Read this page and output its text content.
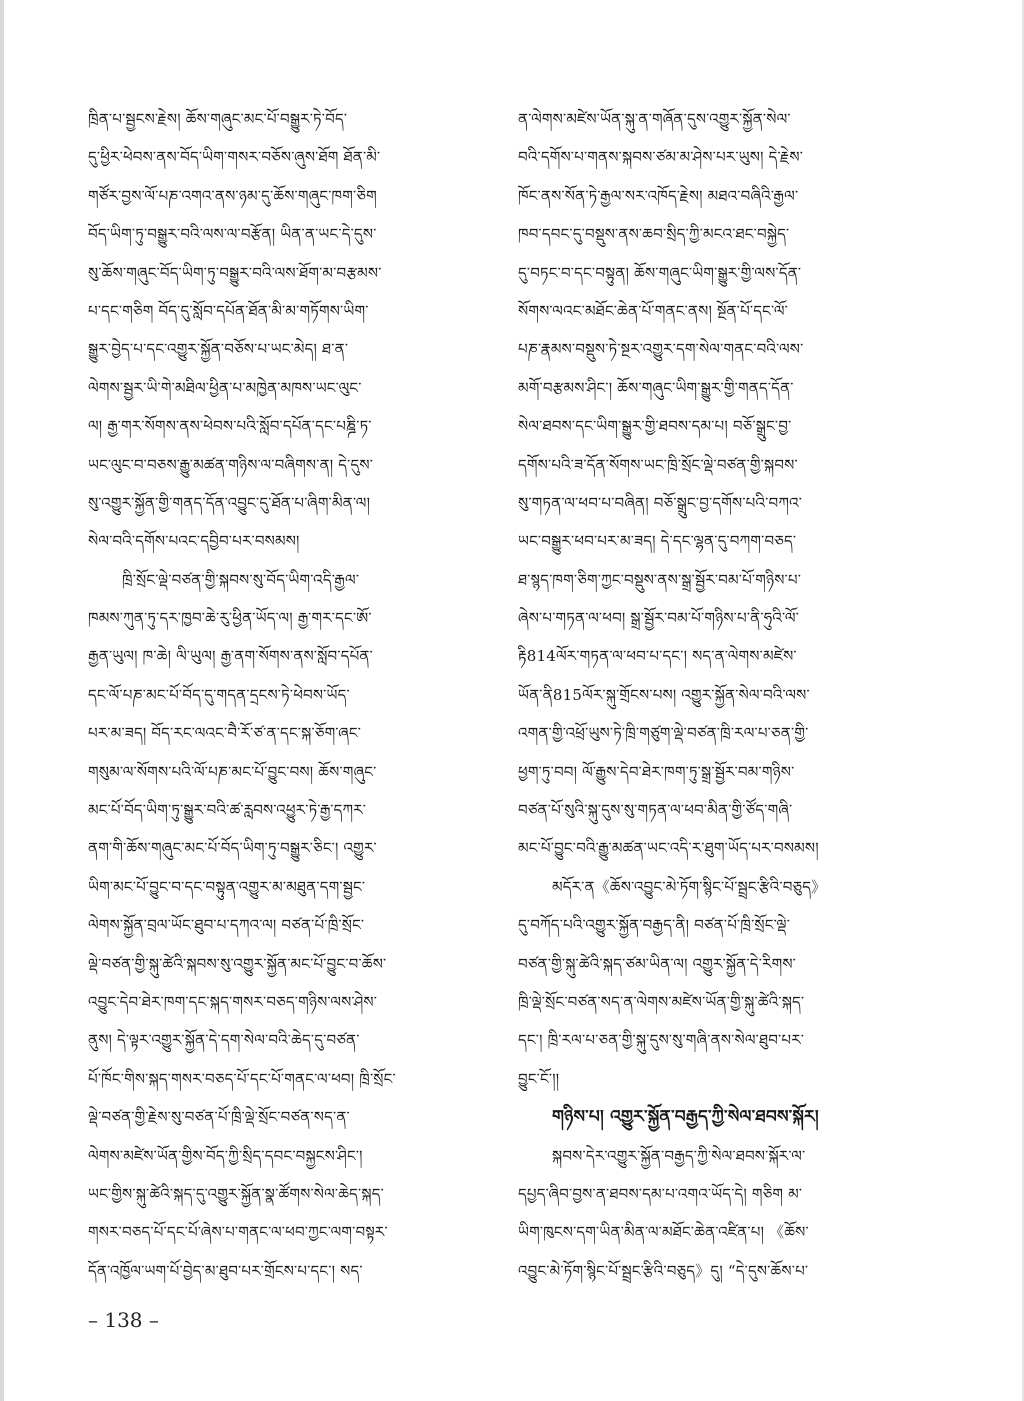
ཁྲིན་པ་སྦྱངས་རྗེས། ཆོས་གཞུང་མང་པོ་བསྒྱུར་ཏེ་བོད་
དུ་ཕྱིར་ཕེབས་ནས་བོད་ཡིག་གསར་བཅོས་ཞུས་ཐོག ཐོན་མི་
གཙོར་བྱས་ལོ་པཎ་འགའ་ནས་ཉམ་དུ་ཆོས་གཞུང་ཁག་ཅིག
བོད་ཡིག་ཏུ་བསྒྱུར་བའི་ལས་ལ་བརྩོན། ཡིན་ན་ཡང་དེ་དུས་
སུ་ཆོས་གཞུང་བོད་ཡིག་ཏུ་བསྒྱུར་བའི་ལས་ཐོག་མ་བརྩམས་
པ་དང་གཅིག བོད་དུ་སློབ་དཔོན་ཐོན་མི་མ་གཏོགས་ཡིག་
སྒྱུར་བྱེད་པ་དང་འགྱུར་སྐྱོན་བཅོས་པ་ཡང་མེད། ཐ་ན་
ལེགས་སྦྱར་ཡི་གེ་མཐིལ་ཕྱིན་པ་མཁྱེན་མཁས་ཡང་ལུང་
ལ། རྒྱ་གར་སོགས་ནས་ཕེབས་པའི་སློབ་དཔོན་དང་པཎྜི་ཏ་
ཡང་ལུང་བ་བཅས་རྒྱུ་མཚན་གཉིས་ལ་བཞིགས་ན། དེ་དུས་
སུ་འགྱུར་སྐྱོན་གྱི་གནད་དོན་འབྱུང་དུ་ཐོན་པ་ཞིག་མིན་ལ།
སེལ་བའི་དགོས་པའང་དབྱིབ་པར་བསམས།
ཁྲི་སྲོང་ལྡེ་བཙན་གྱི་སྐབས་སུ་བོད་ཡིག་འདི་རྒྱལ་
ཁམས་ཀུན་ཏུ་དར་ཁྱབ་ཆེ་རུ་ཕྱིན་ཡོད་ལ། རྒྱ་གར་དང་ཨོ་
རྒྱན་ཡུལ། ཁ་ཆེ། ལི་ཡུལ། རྒྱ་ནག་སོགས་ནས་སློབ་དཔོན་
དང་ལོ་པཎ་མང་པོ་བོད་དུ་གདན་དྲངས་ཏེ་ཕེབས་ཡོད་
པར་མ་ཟད། བོད་རང་ལའང་བཻ་རོ་ཙ་ན་དང་སྐ་ཅོག་ཞང་
གསུམ་ལ་སོགས་པའི་ལོ་པཎ་མང་པོ་བྱུང་བས། ཆོས་གཞུང་
མང་པོ་བོད་ཡིག་ཏུ་སྒྱུར་བའི་ཚ་རླབས་འཕྱུར་ཏེ་རྒྱ་དཀར་
ནག་གི་ཆོས་གཞུང་མང་པོ་བོད་ཡིག་ཏུ་བསྒྱུར་ཅིང་། འགྱུར་
ཡིག་མང་པོ་བྱུང་བ་དང་བསྟུན་འགྱུར་མ་མཐུན་དག་སྦྱང་
ལེགས་སྐྱོན་བྲལ་ཡོང་ཐུབ་པ་དཀའ་ལ། བཙན་པོ་ཁྲི་སྲོང་
ལྡེ་བཙན་གྱི་སྐུ་ཚེའི་སྐབས་སུ་འགྱུར་སྐྱོན་མང་པོ་བྱུང་བ་ཆོས་
འབྱུང་དེབ་ཐེར་ཁག་དང་སྐད་གསར་བཅད་གཉིས་ལས་ཤེས་
ནུས། དེ་ལྟར་འགྱུར་སྐྱོན་དེ་དག་སེལ་བའི་ཆེད་དུ་བཙན་
པོ་ཁོང་གིས་སྐད་གསར་བཅད་པོ་དང་པོ་གནང་ལ་ཕབ། ཁྲི་སྲོང་
ལྡེ་བཙན་གྱི་རྗེས་སུ་བཙན་པོ་ཁྲི་ལྡེ་སྲོང་བཙན་སད་ན་
ལེགས་མཛེས་ཡོན་གྱིས་བོད་ཀྱི་སྲིད་དབང་བསྐྱངས་ཤིང་།
ཡང་གྱིས་སྐུ་ཚེའི་སྐད་དུ་འགྱུར་སྐྱོན་སྣ་ཚོགས་སེལ་ཆེད་སྐད་
གསར་བཅད་པོ་དང་པོ་ཞེས་པ་གནང་ལ་ཕབ་ཀྱང་ལག་བསྟར་
དོན་འཁྱོལ་ཡག་པོ་བྱེད་མ་ཐུབ་པར་གྲོངས་པ་དང་། སད་
ན་ལེགས་མཛེས་ཡོན་སྐུ་ན་གཞོན་དུས་འགྱུར་སྐྱོན་སེལ་
བའི་དགོས་པ་གནས་སྐབས་ཙམ་མ་ཤེས་པར་ཡུས། དེ་རྗེས་
ཁོང་ནས་སོན་ཏེ་རྒྱལ་སར་འཁོད་རྗེས། མཐའ་བཞིའི་རྒྱལ་
ཁབ་དབང་དུ་བསྡུས་ནས་ཆབ་སྲིད་ཀྱི་མངའ་ཐང་བསྐྱེད་
དུ་བཏང་བ་དང་བསྟུན། ཆོས་གཞུང་ཡིག་སྒྱུར་གྱི་ལས་དོན་
སོགས་ལའང་མཐོང་ཆེན་པོ་གནང་ནས། སྔོན་པོ་དང་ལོ་
པཎ་རྣམས་བསྡུས་ཏེ་སྔར་འགྱུར་དག་སེལ་གནང་བའི་ལས་
མགོ་བརྩམས་ཤིང་། ཆོས་གཞུང་ཡིག་སྒྱུར་གྱི་གནད་དོན་
སེལ་ཐབས་དང་ཡིག་སྒྱུར་གྱི་ཐབས་དམ་པ། བཅོ་སྒྲུང་བྱ་
དགོས་པའི་ཟ་དོན་སོགས་ཡང་ཁྲི་སྲོང་ལྡེ་བཙན་གྱི་སྐབས་
སུ་གཏན་ལ་ཕབ་པ་བཞིན། བཅོ་སྒྲུང་བྱ་དགོས་པའི་བཀའ་
ཡང་བསྒྱུར་ཕབ་པར་མ་ཟད། དེ་དང་ལྷན་དུ་བཀག་བཅད་
ཐ་སྙད་ཁག་ཅིག་ཀྱང་བསྡུས་ནས་སྒྲ་སྦྱོར་བམ་པོ་གཉིས་པ་
ཞེས་པ་གཏན་ལ་ཕབ། སྒྲ་སྦྱོར་བམ་པོ་གཉིས་པ་ནི་ཧུའི་ལོ་
རྟི814ལོར་གཏན་ལ་ཕབ་པ་དང་། སད་ན་ལེགས་མཛེས་
ཡོན་ནི815ལོར་སྐུ་གྲོངས་པས། འགྱུར་སྐྱོན་སེལ་བའི་ལས་
འགན་གྱི་འཕྲོ་ཡུས་ཏེ་ཁྲི་གཙུག་ལྡེ་བཙན་ཁྲི་རལ་པ་ཅན་གྱི་
ཕྱག་ཏུ་བབ། ལོ་རྒྱུས་དེབ་ཐེར་ཁག་ཏུ་སྒྲ་སྦྱོར་བམ་གཉིས་
བཙན་པོ་སུའི་སྐུ་དུས་སུ་གཏན་ལ་ཕབ་མིན་གྱི་ཙོད་གཞི་
མང་པོ་བྱུང་བའི་རྒྱུ་མཚན་ཡང་འདི་ར་ཐུག་ཡོད་པར་བསམས།
མདོར་ན《ཆོས་འབྱུང་མེ་ཏོག་སྙིང་པོ་སྦྲང་རྩིའི་བཅུད》
དུ་བཀོད་པའི་འགྱུར་སྐྱོན་བརྒྱད་ནི། བཙན་པོ་ཁྲི་སྲོང་ལྡེ་
བཙན་གྱི་སྐུ་ཚེའི་སྐད་ཙམ་ཡིན་ལ། འགྱུར་སྐྱོན་དེ་རིགས་
ཁྲི་ལྡེ་སྲོང་བཙན་སད་ན་ལེགས་མཛེས་ཡོན་གྱི་སྐུ་ཚེའི་སྐད་
དང་། ཁྲི་རལ་པ་ཅན་གྱི་སྐུ་དུས་སུ་གཞི་ནས་སེལ་ཐུབ་པར་
བྱུང་ངོ་།།
གཉིས་པ། འགྱུར་སྐྱོན་བརྒྱད་ཀྱི་སེལ་ཐབས་སྐོར།
སྐབས་དེར་འགྱུར་སྐྱོན་བརྒྱད་ཀྱི་སེལ་ཐབས་སྐོར་ལ་
དཔྱད་ཞིབ་བྱས་ན་ཐབས་དམ་པ་འགའ་ཡོད་དེ། གཅིག མ་
ཡིག་ཁུངས་དག་ཡིན་མིན་ལ་མཐོང་ཆེན་འཛིན་པ། 《ཆོས་
འབྱུང་མེ་ཏོག་སྙིང་པོ་སྦྲང་རྩིའི་བཅུད》དུ། “དེ་དུས་ཆོས་པ་
– 138 –
